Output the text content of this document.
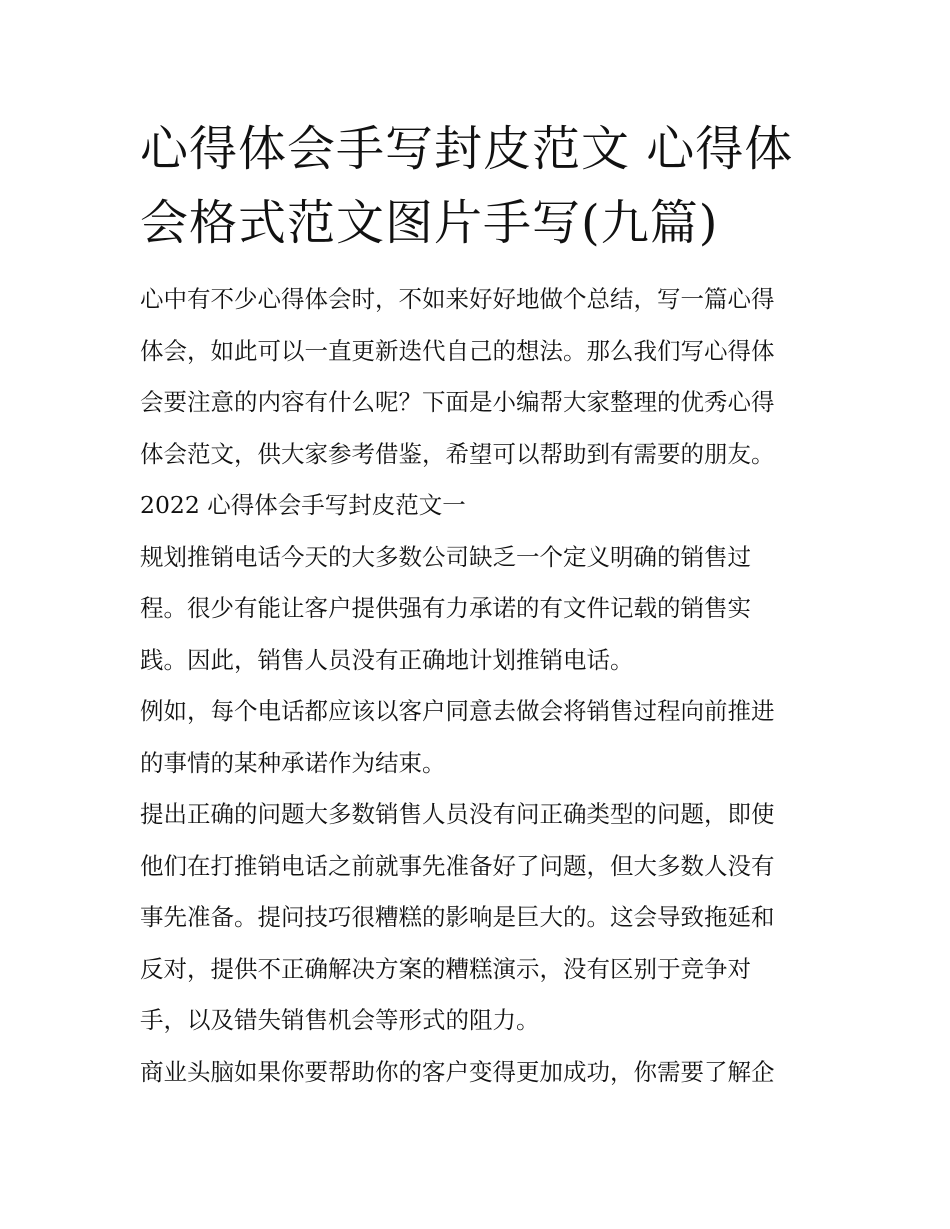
心得体会手写封皮范文 心得体
会格式范文图片手写(九篇)
心中有不少心得体会时，不如来好好地做个总结，写一篇心得
体会，如此可以一直更新迭代自己的想法。那么我们写心得体
会要注意的内容有什么呢？下面是小编帮大家整理的优秀心得
体会范文，供大家参考借鉴，希望可以帮助到有需要的朋友。
2022 心得体会手写封皮范文一
规划推销电话今天的大多数公司缺乏一个定义明确的销售过
程。很少有能让客户提供强有力承诺的有文件记载的销售实
践。因此，销售人员没有正确地计划推销电话。
例如，每个电话都应该以客户同意去做会将销售过程向前推进
的事情的某种承诺作为结束。
提出正确的问题大多数销售人员没有问正确类型的问题，即使
他们在打推销电话之前就事先准备好了问题，但大多数人没有
事先准备。提问技巧很糟糕的影响是巨大的。这会导致拖延和
反对，提供不正确解决方案的糟糕演示，没有区别于竞争对
手，以及错失销售机会等形式的阻力。
商业头脑如果你要帮助你的客户变得更加成功，你需要了解企
